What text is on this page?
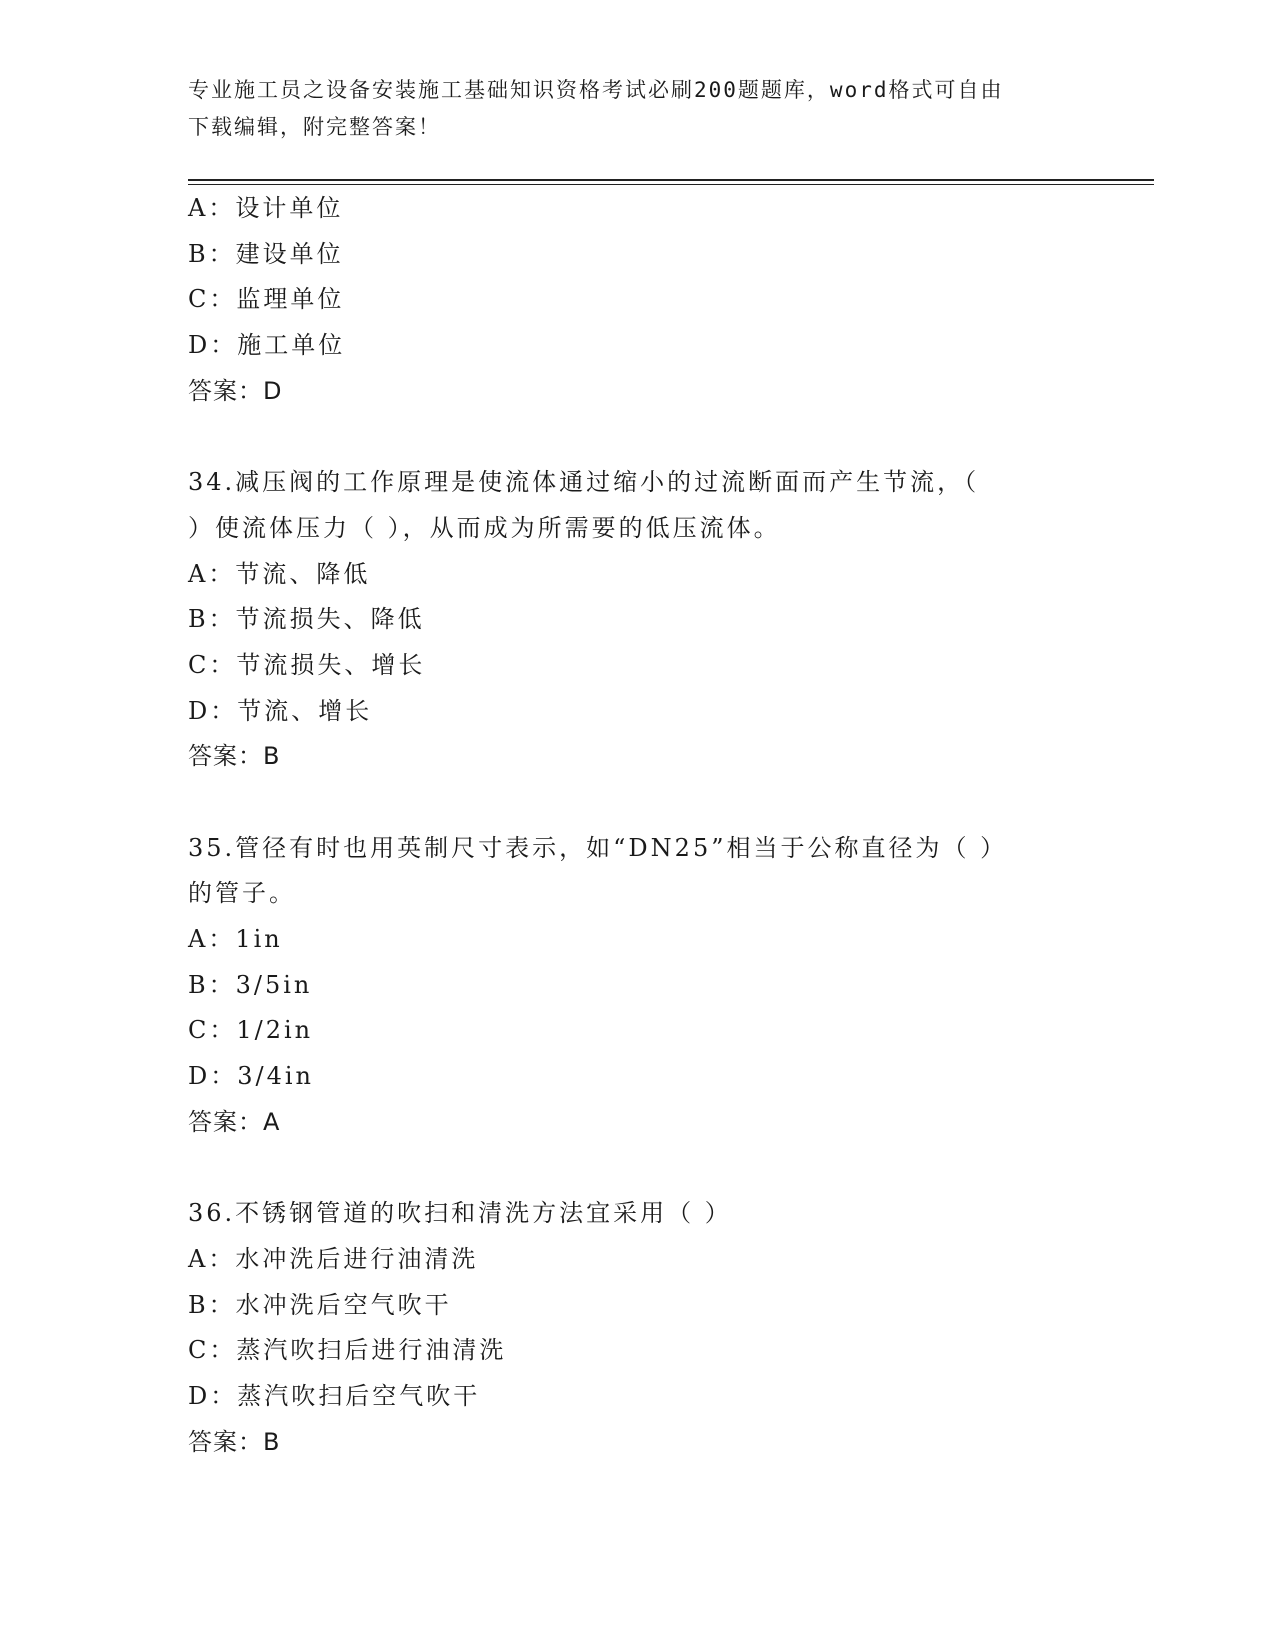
专业施工员之设备安装施工基础知识资格考试必刷200题题库，word格式可自由
下载编辑，附完整答案！
A：设计单位
B：建设单位
C：监理单位
D：施工单位
答案：D
34.减压阀的工作原理是使流体通过缩小的过流断面而产生节流，（
）使流体压力（ ），从而成为所需要的低压流体。
A：节流、降低
B：节流损失、降低
C：节流损失、增长
D：节流、增长
答案：B
35.管径有时也用英制尺寸表示，如“DN25”相当于公称直径为（ ）
的管子。
A：1in
B：3/5in
C：1/2in
D：3/4in
答案：A
36.不锈钢管道的吹扫和清洗方法宜采用（ ）
A：水冲洗后进行油清洗
B：水冲洗后空气吹干
C：蒸汽吹扫后进行油清洗
D：蒸汽吹扫后空气吹干
答案：B
